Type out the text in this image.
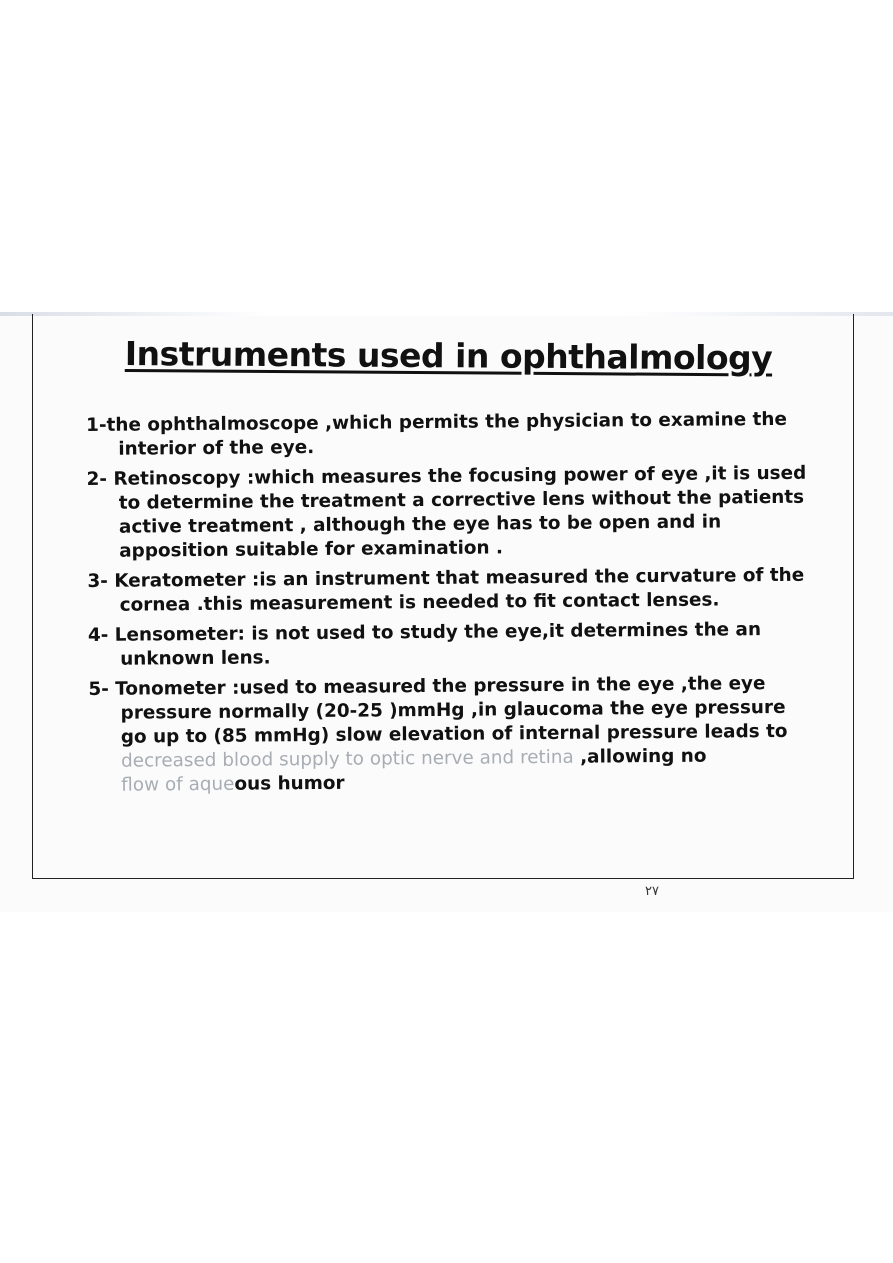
Instruments used in ophthalmology
1-the ophthalmoscope ,which permits the physician to examine the
interior of the eye.
2- Retinoscopy :which measures the focusing power of eye ,it is used
to determine the treatment a corrective lens without the patients
active treatment , although the eye has to be open and in
apposition suitable for examination .
3- Keratometer :is an instrument that measured the curvature of the
cornea .this measurement is needed to fit contact lenses.
4- Lensometer: is not used to study the eye,it determines the an
unknown lens.
5- Tonometer :used to measured the pressure in the eye ,the eye
pressure normally (20-25 )mmHg ,in glaucoma the eye pressure
go up to (85 mmHg) slow elevation of internal pressure leads to
decreased blood supply to optic nerve and retina ,allowing no
flow of aqueous humor
٢٧
